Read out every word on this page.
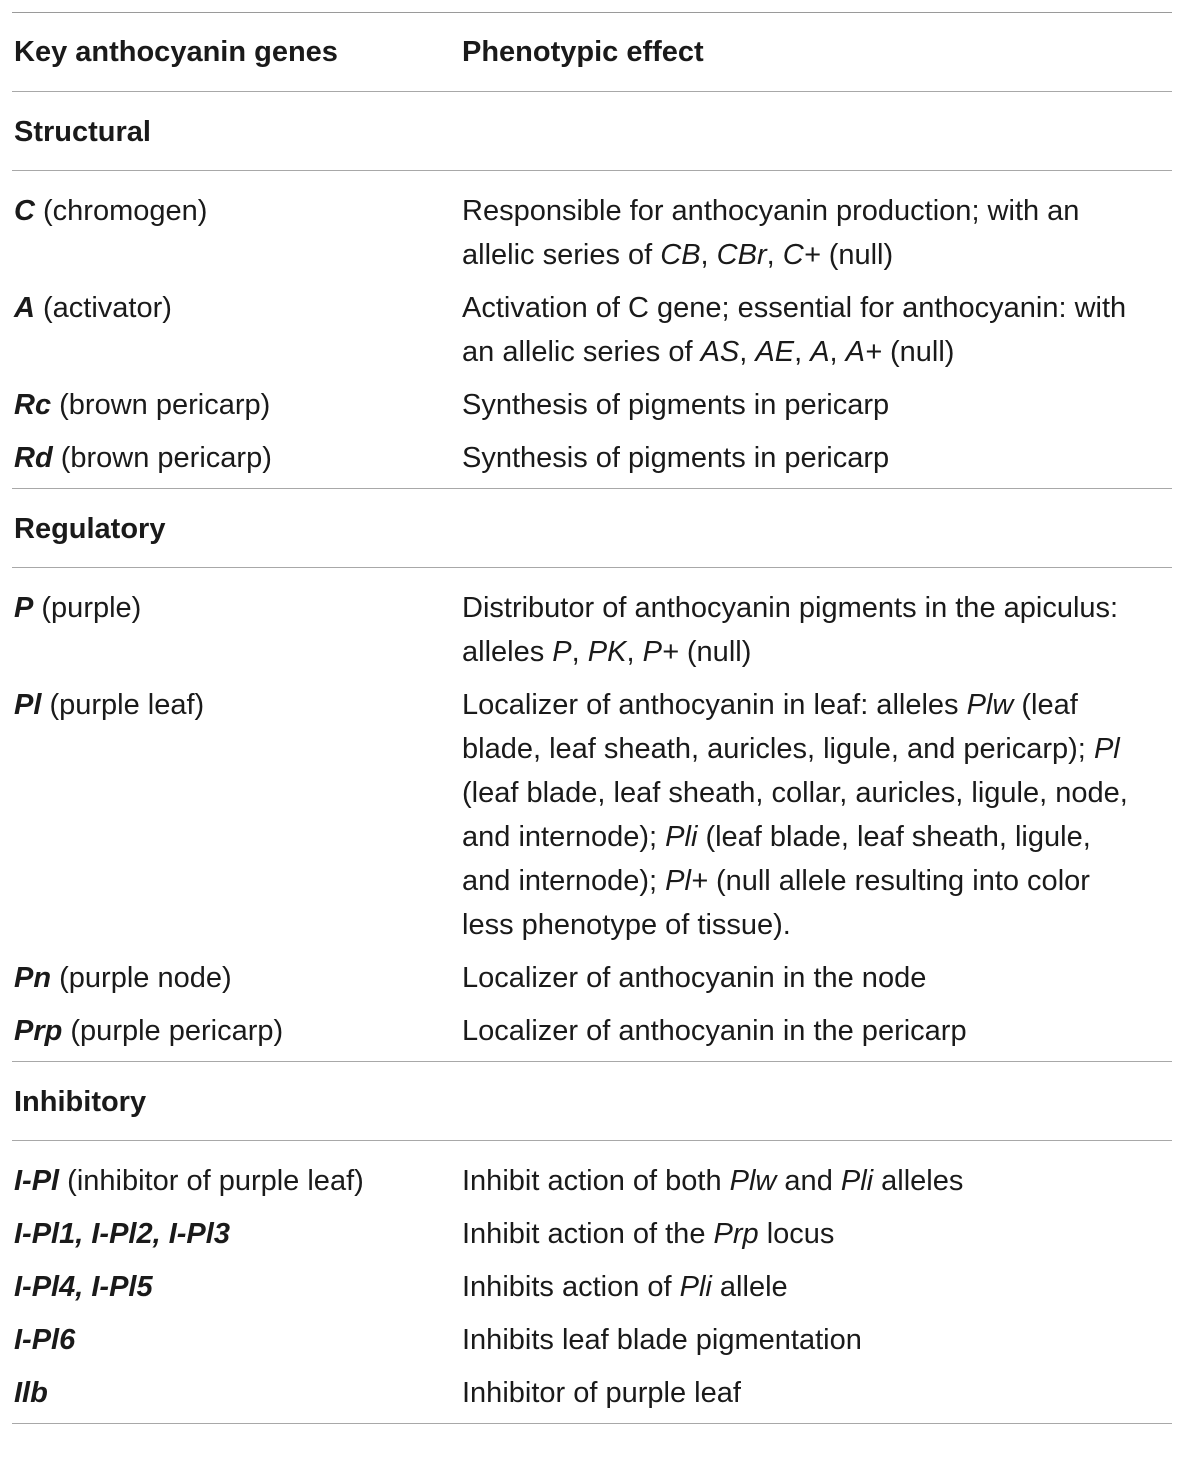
Key anthocyanin genes	Phenotypic effect
Structural
C (chromogen)	Responsible for anthocyanin production; with an
allelic series of CB, CBr, C+ (null)
A (activator)	Activation of C gene; essential for anthocyanin: with
an allelic series of AS, AE, A, A+ (null)
Rc (brown pericarp)	Synthesis of pigments in pericarp
Rd (brown pericarp)	Synthesis of pigments in pericarp
Regulatory
P (purple)	Distributor of anthocyanin pigments in the apiculus:
alleles P, PK, P+ (null)
Pl (purple leaf)	Localizer of anthocyanin in leaf: alleles Plw (leaf
blade, leaf sheath, auricles, ligule, and pericarp); Pl
(leaf blade, leaf sheath, collar, auricles, ligule, node,
and internode); Pli (leaf blade, leaf sheath, ligule,
and internode); Pl+ (null allele resulting into color
less phenotype of tissue).
Pn (purple node)	Localizer of anthocyanin in the node
Prp (purple pericarp)	Localizer of anthocyanin in the pericarp
Inhibitory
I-Pl (inhibitor of purple leaf)	Inhibit action of both Plw and Pli alleles
I-Pl1, I-Pl2, I-Pl3	Inhibit action of the Prp locus
I-Pl4, I-Pl5	Inhibits action of Pli allele
I-Pl6	Inhibits leaf blade pigmentation
Ilb	Inhibitor of purple leaf
